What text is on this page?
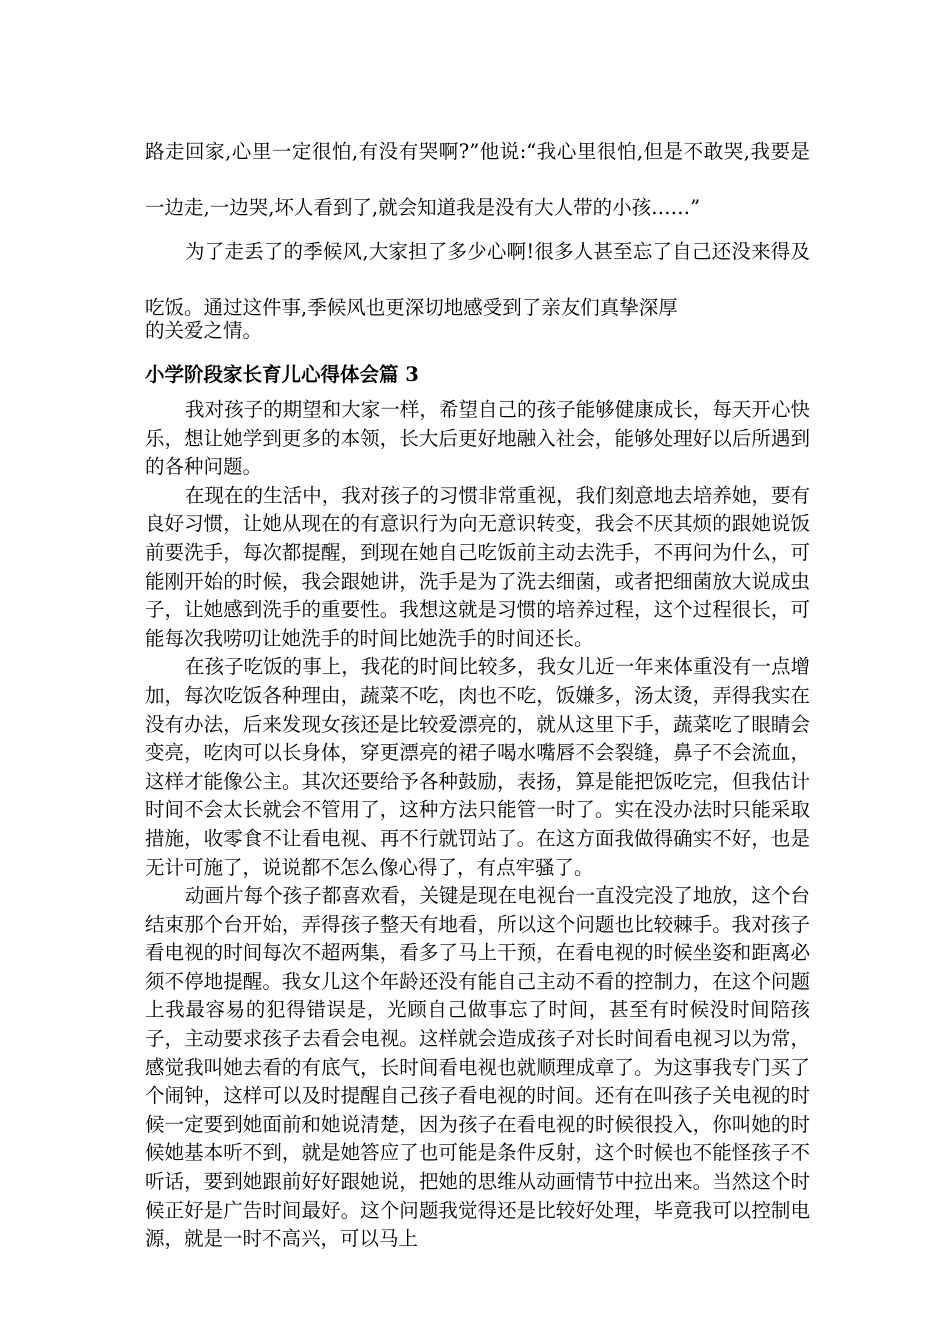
路走回家,心里一定很怕,有没有哭啊?”他说:“我心里很怕,但是不敢哭,我要是一边走,一边哭,坏人看到了,就会知道我是没有大人带的小孩……”

为了走丢了的季候风,大家担了多少心啊!很多人甚至忘了自己还没来得及吃饭。通过这件事,季候风也更深切地感受到了亲友们真挚深厚

的关爱之情。

小学阶段家长育儿心得体会篇 3

我对孩子的期望和大家一样，希望自己的孩子能够健康成长，每天开心快乐，想让她学到更多的本领，长大后更好地融入社会，能够处理好以后所遇到的各种问题。

在现在的生活中，我对孩子的习惯非常重视，我们刻意地去培养她，要有良好习惯，让她从现在的有意识行为向无意识转变，我会不厌其烦的跟她说饭前要洗手，每次都提醒，到现在她自己吃饭前主动去洗手，不再问为什么，可能刚开始的时候，我会跟她讲，洗手是为了洗去细菌，或者把细菌放大说成虫子，让她感到洗手的重要性。我想这就是习惯的培养过程，这个过程很长，可能每次我唠叨让她洗手的时间比她洗手的时间还长。

在孩子吃饭的事上，我花的时间比较多，我女儿近一年来体重没有一点增加，每次吃饭各种理由，蔬菜不吃，肉也不吃，饭嫌多，汤太烫，弄得我实在没有办法，后来发现女孩还是比较爱漂亮的，就从这里下手，蔬菜吃了眼睛会变亮，吃肉可以长身体，穿更漂亮的裙子喝水嘴唇不会裂缝，鼻子不会流血，这样才能像公主。其次还要给予各种鼓励，表扬，算是能把饭吃完，但我估计时间不会太长就会不管用了，这种方法只能管一时了。实在没办法时只能采取措施，收零食不让看电视、再不行就罚站了。在这方面我做得确实不好，也是无计可施了，说说都不怎么像心得了，有点牢骚了。

动画片每个孩子都喜欢看，关键是现在电视台一直没完没了地放，这个台结束那个台开始，弄得孩子整天有地看，所以这个问题也比较棘手。我对孩子看电视的时间每次不超两集，看多了马上干预，在看电视的时候坐姿和距离必须不停地提醒。我女儿这个年龄还没有能自己主动不看的控制力，在这个问题上我最容易的犯得错误是，光顾自己做事忘了时间，甚至有时候没时间陪孩子，主动要求孩子去看会电视。这样就会造成孩子对长时间看电视习以为常，感觉我叫她去看的有底气，长时间看电视也就顺理成章了。为这事我专门买了个闹钟，这样可以及时提醒自己孩子看电视的时间。还有在叫孩子关电视的时候一定要到她面前和她说清楚，因为孩子在看电视的时候很投入，你叫她的时候她基本听不到，就是她答应了也可能是条件反射，这个时候也不能怪孩子不听话，要到她跟前好好跟她说，把她的思维从动画情节中拉出来。当然这个时候正好是广告时间最好。这个问题我觉得还是比较好处理，毕竟我可以控制电源，就是一时不高兴，可以马上
